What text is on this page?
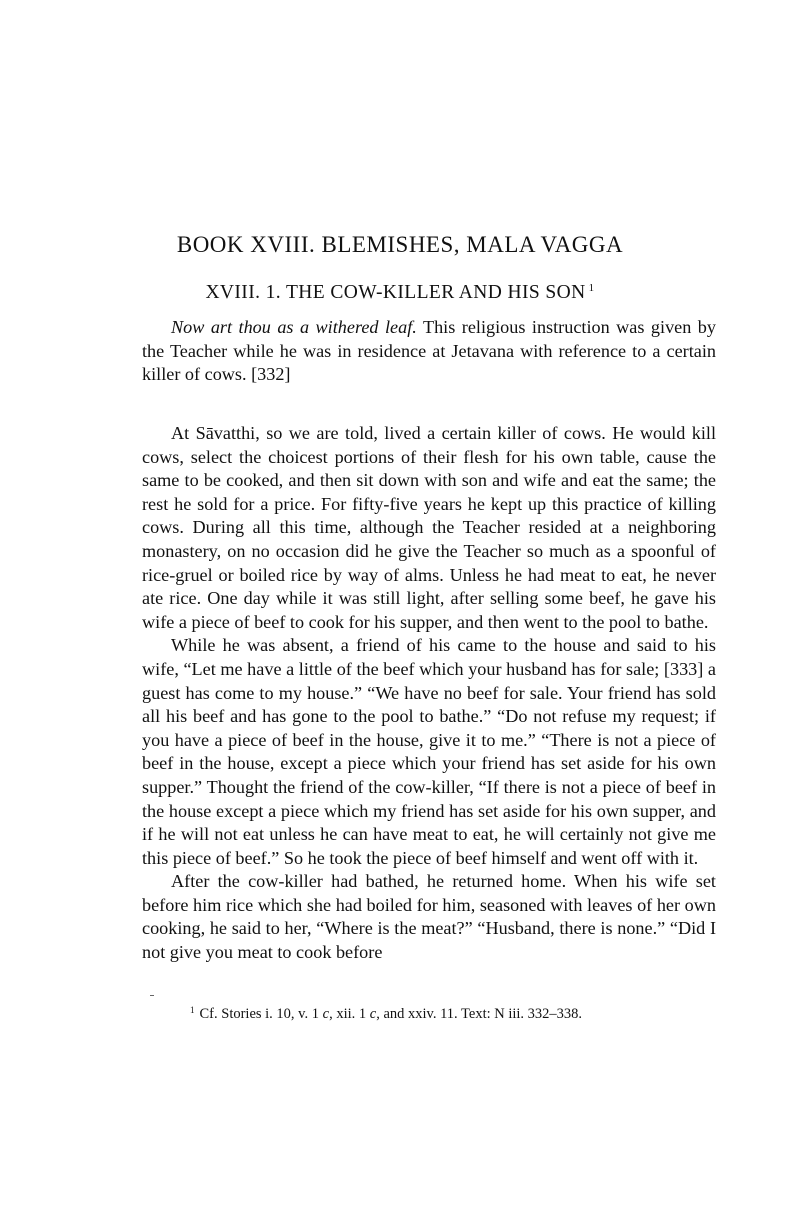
BOOK XVIII. BLEMISHES, MALA VAGGA
XVIII. 1. THE COW-KILLER AND HIS SON $^1$

Now art thou as a withered leaf. This religious instruction was given by the Teacher while he was in residence at Jetavana with reference to a certain killer of cows. [332]

At Sāvatthi, so we are told, lived a certain killer of cows. He would kill cows, select the choicest portions of their flesh for his own table, cause the same to be cooked, and then sit down with son and wife and eat the same; the rest he sold for a price. For fifty-five years he kept up this practice of killing cows. During all this time, although the Teacher resided at a neighboring monastery, on no occasion did he give the Teacher so much as a spoonful of rice-gruel or boiled rice by way of alms. Unless he had meat to eat, he never ate rice. One day while it was still light, after selling some beef, he gave his wife a piece of beef to cook for his supper, and then went to the pool to bathe.

While he was absent, a friend of his came to the house and said to his wife, “Let me have a little of the beef which your husband has for sale; [333] a guest has come to my house.” “We have no beef for sale. Your friend has sold all his beef and has gone to the pool to bathe.” “Do not refuse my request; if you have a piece of beef in the house, give it to me.” “There is not a piece of beef in the house, except a piece which your friend has set aside for his own supper.” Thought the friend of the cow-killer, “If there is not a piece of beef in the house except a piece which my friend has set aside for his own supper, and if he will not eat unless he can have meat to eat, he will certainly not give me this piece of beef.” So he took the piece of beef himself and went off with it.

After the cow-killer had bathed, he returned home. When his wife set before him rice which she had boiled for him, seasoned with leaves of her own cooking, he said to her, “Where is the meat?” “Husband, there is none.” “Did I not give you meat to cook before

$^1$ Cf. Stories i. 10, v. 1 c, xii. 1 c, and xxiv. 11. Text: N iii. 332–338.
